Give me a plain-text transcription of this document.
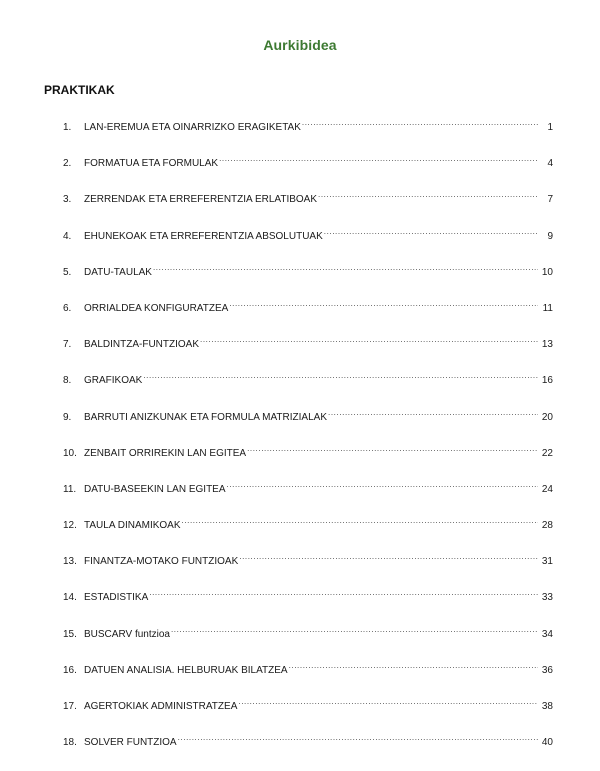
Aurkibidea
PRAKTIKAK
1.	LAN-EREMUA ETA OINARRIZKO ERAGIKETAK .....	1
2.	FORMATUA ETA FORMULAK .....	4
3.	ZERRENDAK ETA ERREFERENTZIA ERLATIBOAK .....	7
4.	EHUNEKOAK ETA ERREFERENTZIA ABSOLUTUAK .....	9
5.	DATU-TAULAK .....	10
6.	ORRIALDEA KONFIGURATZEA .....	11
7.	BALDINTZA-FUNTZIOAK .....	13
8.	GRAFIKOAK .....	16
9.	BARRUTI ANIZKUNAK ETA FORMULA MATRIZIALAK .....	20
10. ZENBAIT ORRIREKIN LAN EGITEA .....	22
11. DATU-BASEEKIN LAN EGITEA .....	24
12. TAULA DINAMIKOAK .....	28
13. FINANTZA-MOTAKO FUNTZIOAK .....	31
14. ESTADISTIKA .....	33
15. BUSCARV funtzioa .....	34
16. DATUEN ANALISIA. HELBURUAK BILATZEA .....	36
17. AGERTOKIAK ADMINISTRATZEA .....	38
18. SOLVER FUNTZIOA .....	40
